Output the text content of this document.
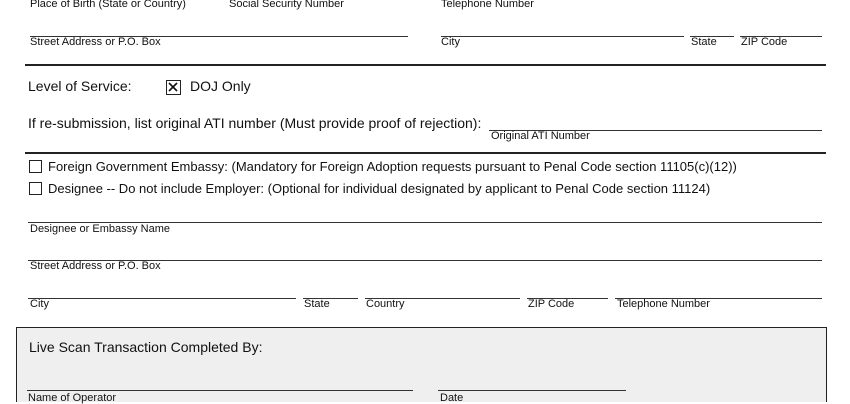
Place of Birth (State or Country)	Social Security Number	Telephone Number
Street Address or P.O. Box	City	State ZIP Code
Level of Service:	DOJ Only
If re-submission, list original ATI number (Must provide proof of rejection):
Original ATI Number
Foreign Government Embassy: (Mandatory for Foreign Adoption requests pursuant to Penal Code section 11105(c)(12))
Designee -- Do not include Employer: (Optional for individual designated by applicant to Penal Code section 11124)
Designee or Embassy Name
Street Address or P.O. Box
City	State	Country	ZIP Code	Telephone Number
Live Scan Transaction Completed By:
Name of Operator	Date
